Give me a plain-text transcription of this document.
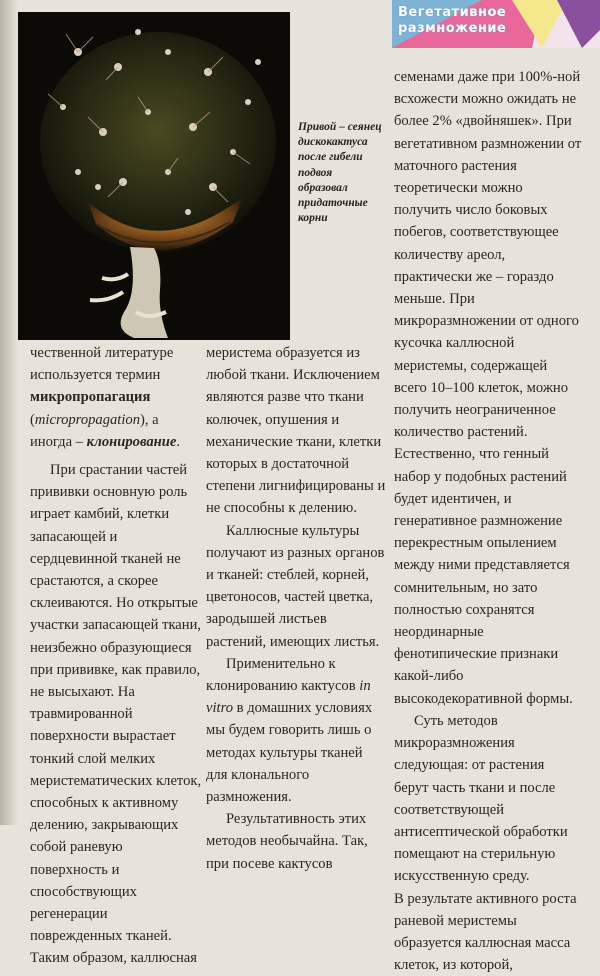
Привой – сеянец дискокактуса после гибели подвоя образовал придаточные корни
Вегетативное
размножение

чественной литературе используется термин микропропагация (micropropagation), а иногда – клонирование.

При срастании частей прививки основную роль играет камбий, клетки запасающей и сердцевинной тканей не срастаются, а скорее склеиваются. Но открытые участки запасающей ткани, неизбежно образующиеся при прививке, как правило, не высыхают. На травмированной поверхности вырастает тонкий слой мелких меристематических клеток, способных к активному делению, закрывающих собой раневую поверхность и способствующих регенерации поврежденных тканей. Таким образом, каллюсная

меристема образуется из любой ткани. Исключением являются разве что ткани колючек, опушения и механические ткани, клетки которых в достаточной степени лигнифицированы и не способны к делению.

Каллюсные культуры получают из разных органов и тканей: стеблей, корней, цветоносов, частей цветка, зародышей листьев растений, имеющих листья.

Применительно к клонированию кактусов in vitro в домашних условиях мы будем говорить лишь о методах культуры тканей для клонального размножения.

Результативность этих методов необычайна. Так, при посеве кактусов

семенами даже при 100%-ной всхожести можно ожидать не более 2% «двойняшек». При вегетативном размножении от маточного растения теоретически можно получить число боковых побегов, соответствующее количеству ареол, практически же – гораздо меньше. При микроразмножении от одного кусочка каллюсной меристемы, содержащей всего 10–100 клеток, можно получить неограниченное количество растений. Естественно, что генный набор у подобных растений будет идентичен, и генеративное размножение перекрестным опылением между ними представляется сомнительным, но зато полностью сохранятся неординарные фенотипические признаки какой-либо высокодекоративной формы.

Суть методов микроразмножения следующая: от растения берут часть ткани и после соответствующей антисептической обработки помещают на стерильную искусственную среду.

В результате активного роста раневой меристемы образуется каллюсная масса клеток, из которой,
